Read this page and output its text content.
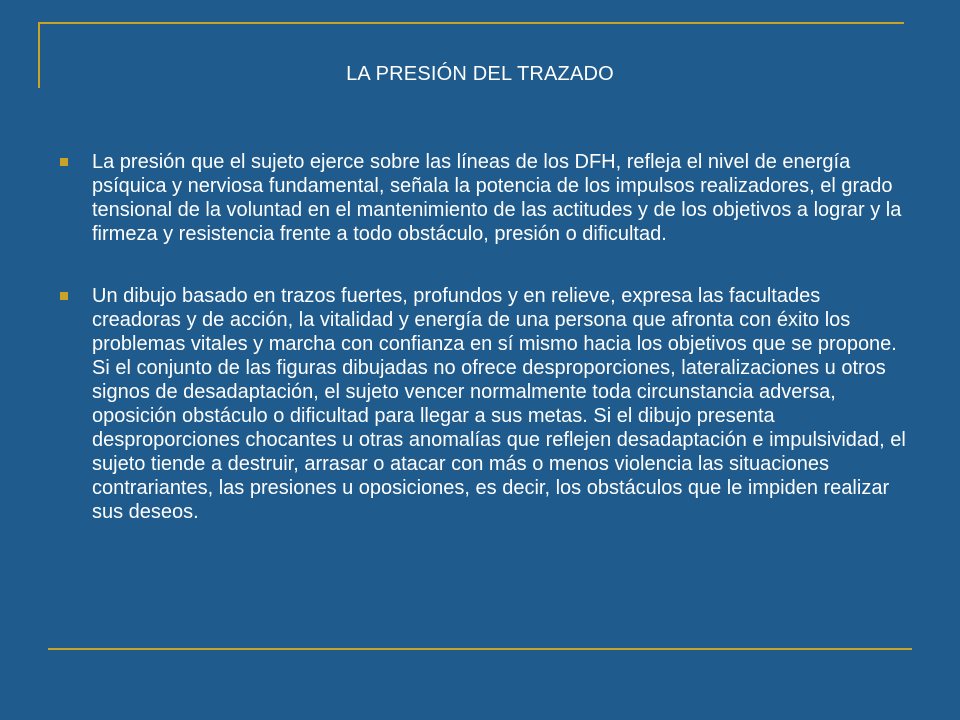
LA PRESIÓN DEL TRAZADO
La presión que el sujeto ejerce sobre las líneas de los DFH, refleja el nivel de energía psíquica y nerviosa fundamental, señala la potencia de los impulsos realizadores, el grado tensional de la voluntad en el mantenimiento de las actitudes y de los objetivos a lograr y la firmeza y resistencia frente a todo obstáculo, presión o dificultad.
Un dibujo basado en trazos fuertes, profundos y en relieve, expresa las facultades creadoras y de acción, la vitalidad y energía de una persona que afronta con éxito los problemas vitales y marcha con confianza en sí mismo hacia los objetivos que se propone. Si el conjunto de las figuras dibujadas no ofrece desproporciones, lateralizaciones u otros signos de desadaptación, el sujeto vencer normalmente toda circunstancia adversa, oposición obstáculo o dificultad para llegar a sus metas. Si el dibujo presenta desproporciones chocantes u otras anomalías que reflejen desadaptación e impulsividad, el sujeto tiende a destruir, arrasar o atacar con más o menos violencia las situaciones contrariantes, las presiones u oposiciones, es decir, los obstáculos que le impiden realizar sus deseos.
